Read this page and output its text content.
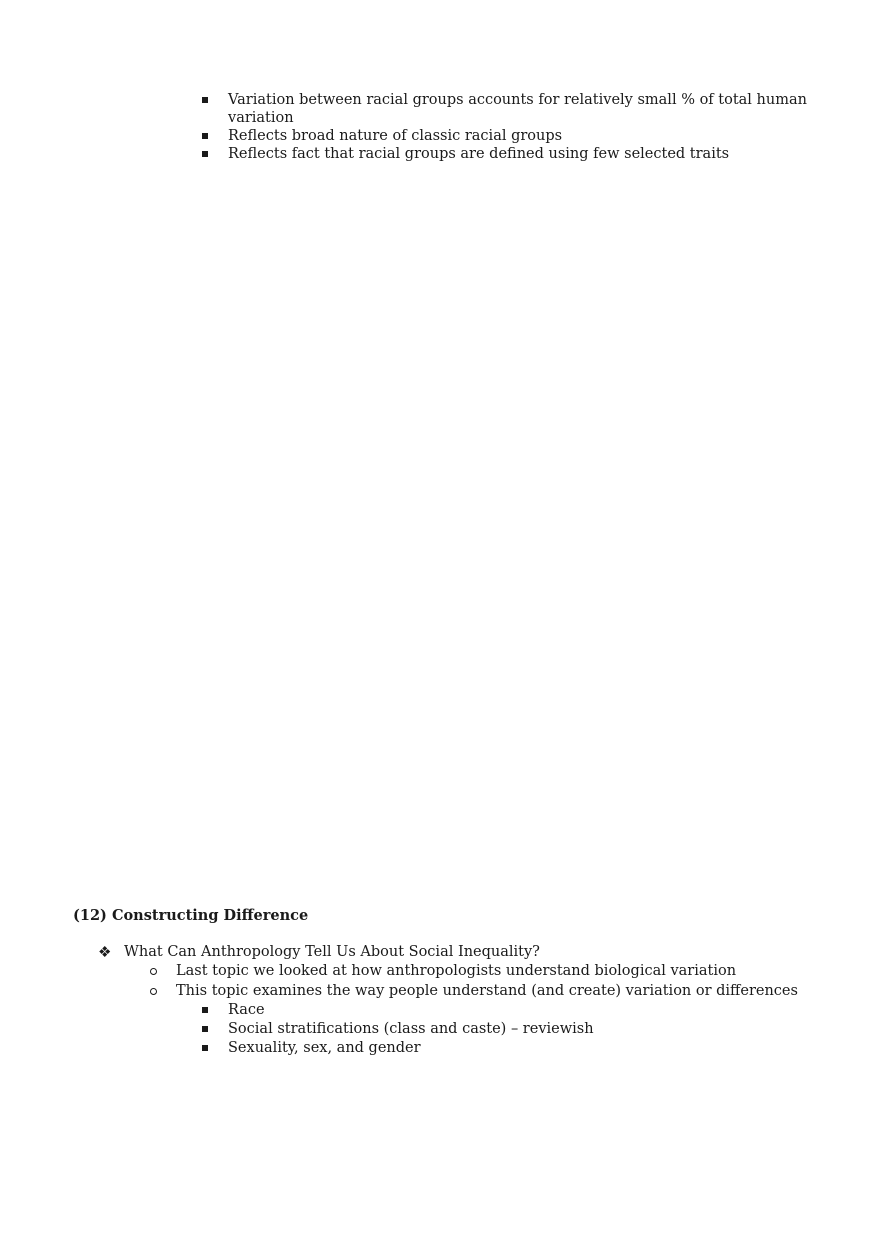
Variation between racial groups accounts for relatively small % of total human
variation
Reflects broad nature of classic racial groups
Reflects fact that racial groups are defined using few selected traits
(12) Constructing Difference
❖ What Can Anthropology Tell Us About Social Inequality?
Last topic we looked at how anthropologists understand biological variation
This topic examines the way people understand (and create) variation or differences
Race
Social stratifications (class and caste) – reviewish
Sexuality, sex, and gender
